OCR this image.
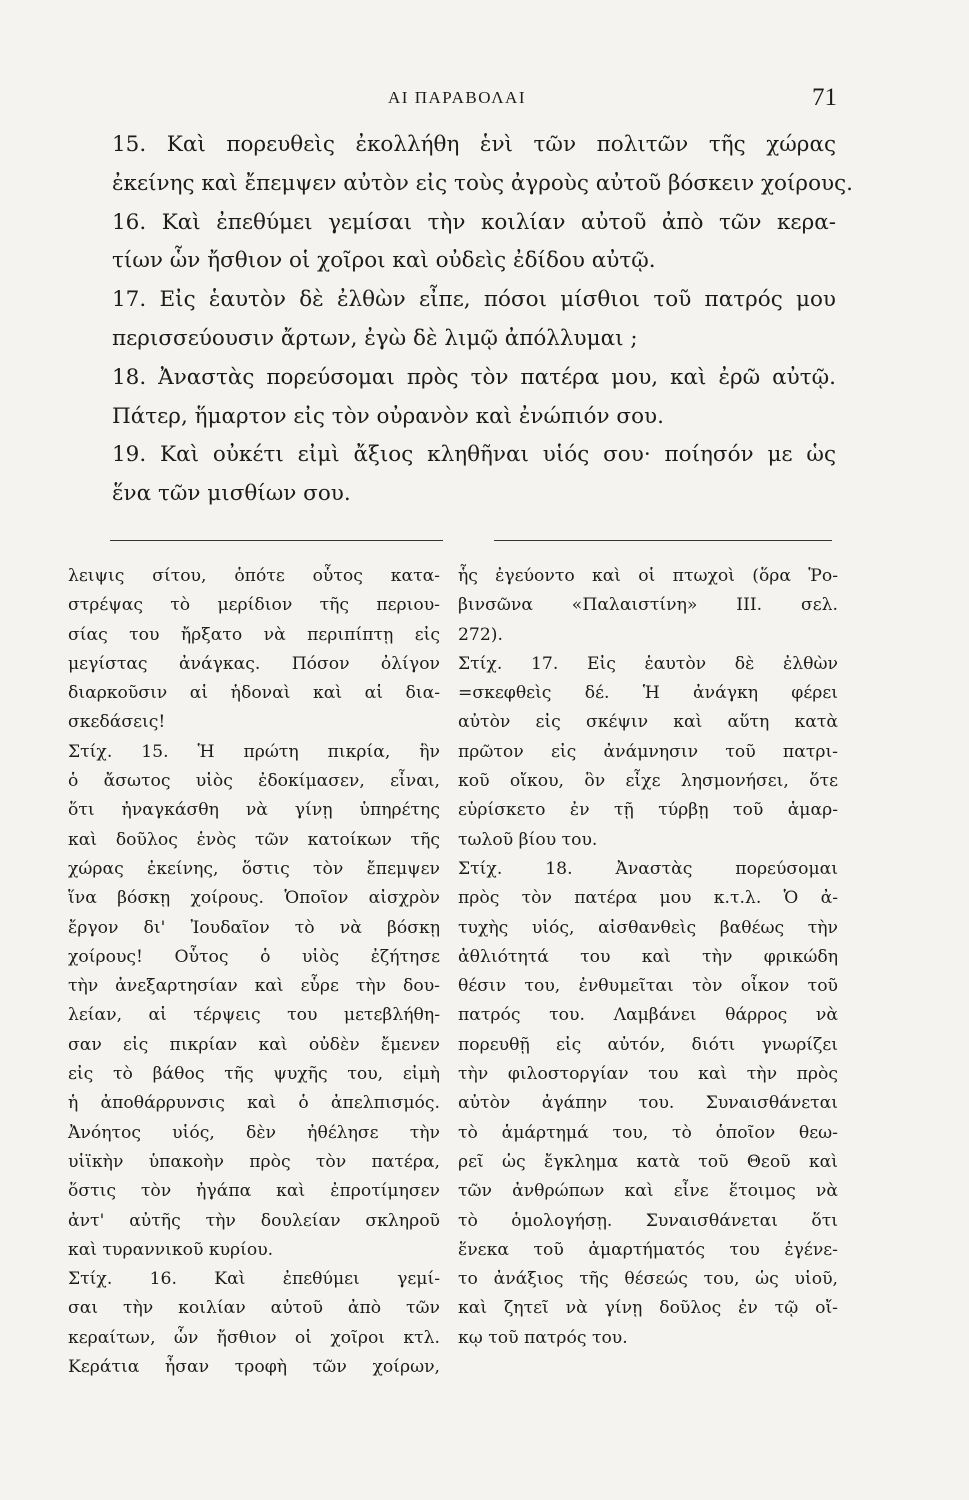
ΑΙ ΠΑΡΑΒΟΛΑΙ	71
15. Καὶ πορευθεὶς ἐκολλήθη ἑνὶ τῶν πολιτῶν τῆς χώρας
ἐκείνης καὶ ἔπεμψεν αὐτὸν εἰς τοὺς ἀγροὺς αὐτοῦ βόσκειν χοίρους.
16. Καὶ ἐπεθύμει γεμίσαι τὴν κοιλίαν αὐτοῦ ἀπὸ τῶν κερα-
τίων ὧν ἤσθιον οἱ χοῖροι καὶ οὐδεὶς ἐδίδου αὐτῷ.
17. Εἰς ἑαυτὸν δὲ ἐλθὼν εἶπε, πόσοι μίσθιοι τοῦ πατρός μου
περισσεύουσιν ἄρτων, ἐγὼ δὲ λιμῷ ἀπόλλυμαι ;
18. Ἀναστὰς πορεύσομαι πρὸς τὸν πατέρα μου, καὶ ἐρῶ αὐτῷ.
Πάτερ, ἥμαρτον εἰς τὸν οὐρανὸν καὶ ἐνώπιόν σου.
19. Καὶ οὐκέτι εἰμὶ ἄξιος κληθῆναι υἱός σου· ποίησόν με ὡς
ἕνα τῶν μισθίων σου.
λειψις σίτου, ὁπότε οὗτος κατα-
στρέψας τὸ μερίδιον τῆς περιου-
σίας του ἤρξατο νὰ περιπίπτῃ εἰς
μεγίστας ἀνάγκας. Πόσον ὀλίγον
διαρκοῦσιν αἱ ἡδοναὶ καὶ αἱ δια-
σκεδάσεις!
Στίχ. 15. Ἡ πρώτη πικρία, ἣν
ὁ ἄσωτος υἱὸς ἐδοκίμασεν, εἶναι,
ὅτι ἠναγκάσθη νὰ γίνῃ ὑπηρέτης
καὶ δοῦλος ἑνὸς τῶν κατοίκων τῆς
χώρας ἐκείνης, ὅστις τὸν ἔπεμψεν
ἵνα βόσκῃ χοίρους. Ὁποῖον αἰσχρὸν
ἔργον δι' Ἰουδαῖον τὸ νὰ βόσκῃ
χοίρους! Οὗτος ὁ υἱὸς ἐζήτησε
τὴν ἀνεξαρτησίαν καὶ εὗρε τὴν δου-
λείαν, αἱ τέρψεις του μετεβλήθη-
σαν εἰς πικρίαν καὶ οὐδὲν ἔμενεν
εἰς τὸ βάθος τῆς ψυχῆς του, εἰμὴ
ἡ ἀποθάρρυνσις καὶ ὁ ἀπελπισμός.
Ἀνόητος υἱός, δὲν ἠθέλησε τὴν
υἱϊκὴν ὑπακοὴν πρὸς τὸν πατέρα,
ὅστις τὸν ἠγάπα καὶ ἐπροτίμησεν
ἀντ' αὐτῆς τὴν δουλείαν σκληροῦ
καὶ τυραννικοῦ κυρίου.
Στίχ. 16. Καὶ ἐπεθύμει γεμί-
σαι τὴν κοιλίαν αὐτοῦ ἀπὸ τῶν
κεραίτων, ὧν ἤσθιον οἱ χοῖροι κτλ.
Κεράτια ἦσαν τροφὴ τῶν χοίρων,
ἧς ἐγεύοντο καὶ οἱ πτωχοὶ (ὅρα Ῥο-
βινσῶνα «Παλαιστίνη» ΙΙΙ. σελ.
272).
Στίχ. 17. Εἰς ἑαυτὸν δὲ ἐλθὼν
=σκεφθεὶς δέ. Ἡ ἀνάγκη φέρει
αὐτὸν εἰς σκέψιν καὶ αὕτη κατὰ
πρῶτον εἰς ἀνάμνησιν τοῦ πατρι-
κοῦ οἴκου, ὃν εἶχε λησμονήσει, ὅτε
εὑρίσκετο ἐν τῇ τύρβῃ τοῦ ἁμαρ-
τωλοῦ βίου του.
Στίχ. 18. Ἀναστὰς πορεύσομαι
πρὸς τὸν πατέρα μου κ.τ.λ. Ὁ ἀ-
τυχὴς υἱός, αἰσθανθεὶς βαθέως τὴν
ἀθλιότητά του καὶ τὴν φρικώδη
θέσιν του, ἐνθυμεῖται τὸν οἶκον τοῦ
πατρός του. Λαμβάνει θάρρος νὰ
πορευθῇ εἰς αὐτόν, διότι γνωρίζει
τὴν φιλοστοργίαν του καὶ τὴν πρὸς
αὐτὸν ἀγάπην του. Συναισθάνεται
τὸ ἁμάρτημά του, τὸ ὁποῖον θεω-
ρεῖ ὡς ἔγκλημα κατὰ τοῦ Θεοῦ καὶ
τῶν ἀνθρώπων καὶ εἶνε ἕτοιμος νὰ
τὸ ὁμολογήσῃ. Συναισθάνεται ὅτι
ἕνεκα τοῦ ἁμαρτήματός του ἐγένε-
το ἀνάξιος τῆς θέσεώς του, ὡς υἱοῦ,
καὶ ζητεῖ νὰ γίνῃ δοῦλος ἐν τῷ οἴ-
κῳ τοῦ πατρός του.
